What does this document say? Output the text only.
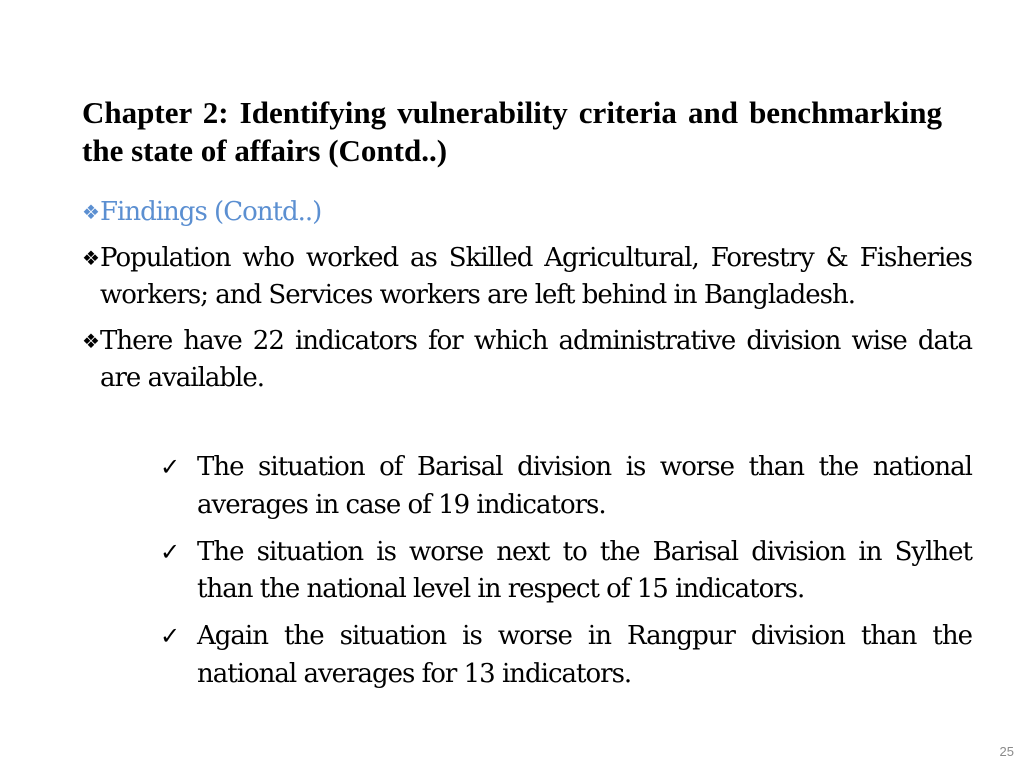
Chapter 2: Identifying vulnerability criteria and benchmarking the state of affairs (Contd..)
❖ Findings (Contd..)
❖ Population who worked as Skilled Agricultural, Forestry & Fisheries workers; and Services workers are left behind in Bangladesh.
❖ There have 22 indicators for which administrative division wise data are available.
✓ The situation of Barisal division is worse than the national averages in case of 19 indicators.
✓ The situation is worse next to the Barisal division in Sylhet than the national level in respect of 15 indicators.
✓ Again the situation is worse in Rangpur division than the national averages for 13 indicators.
25
